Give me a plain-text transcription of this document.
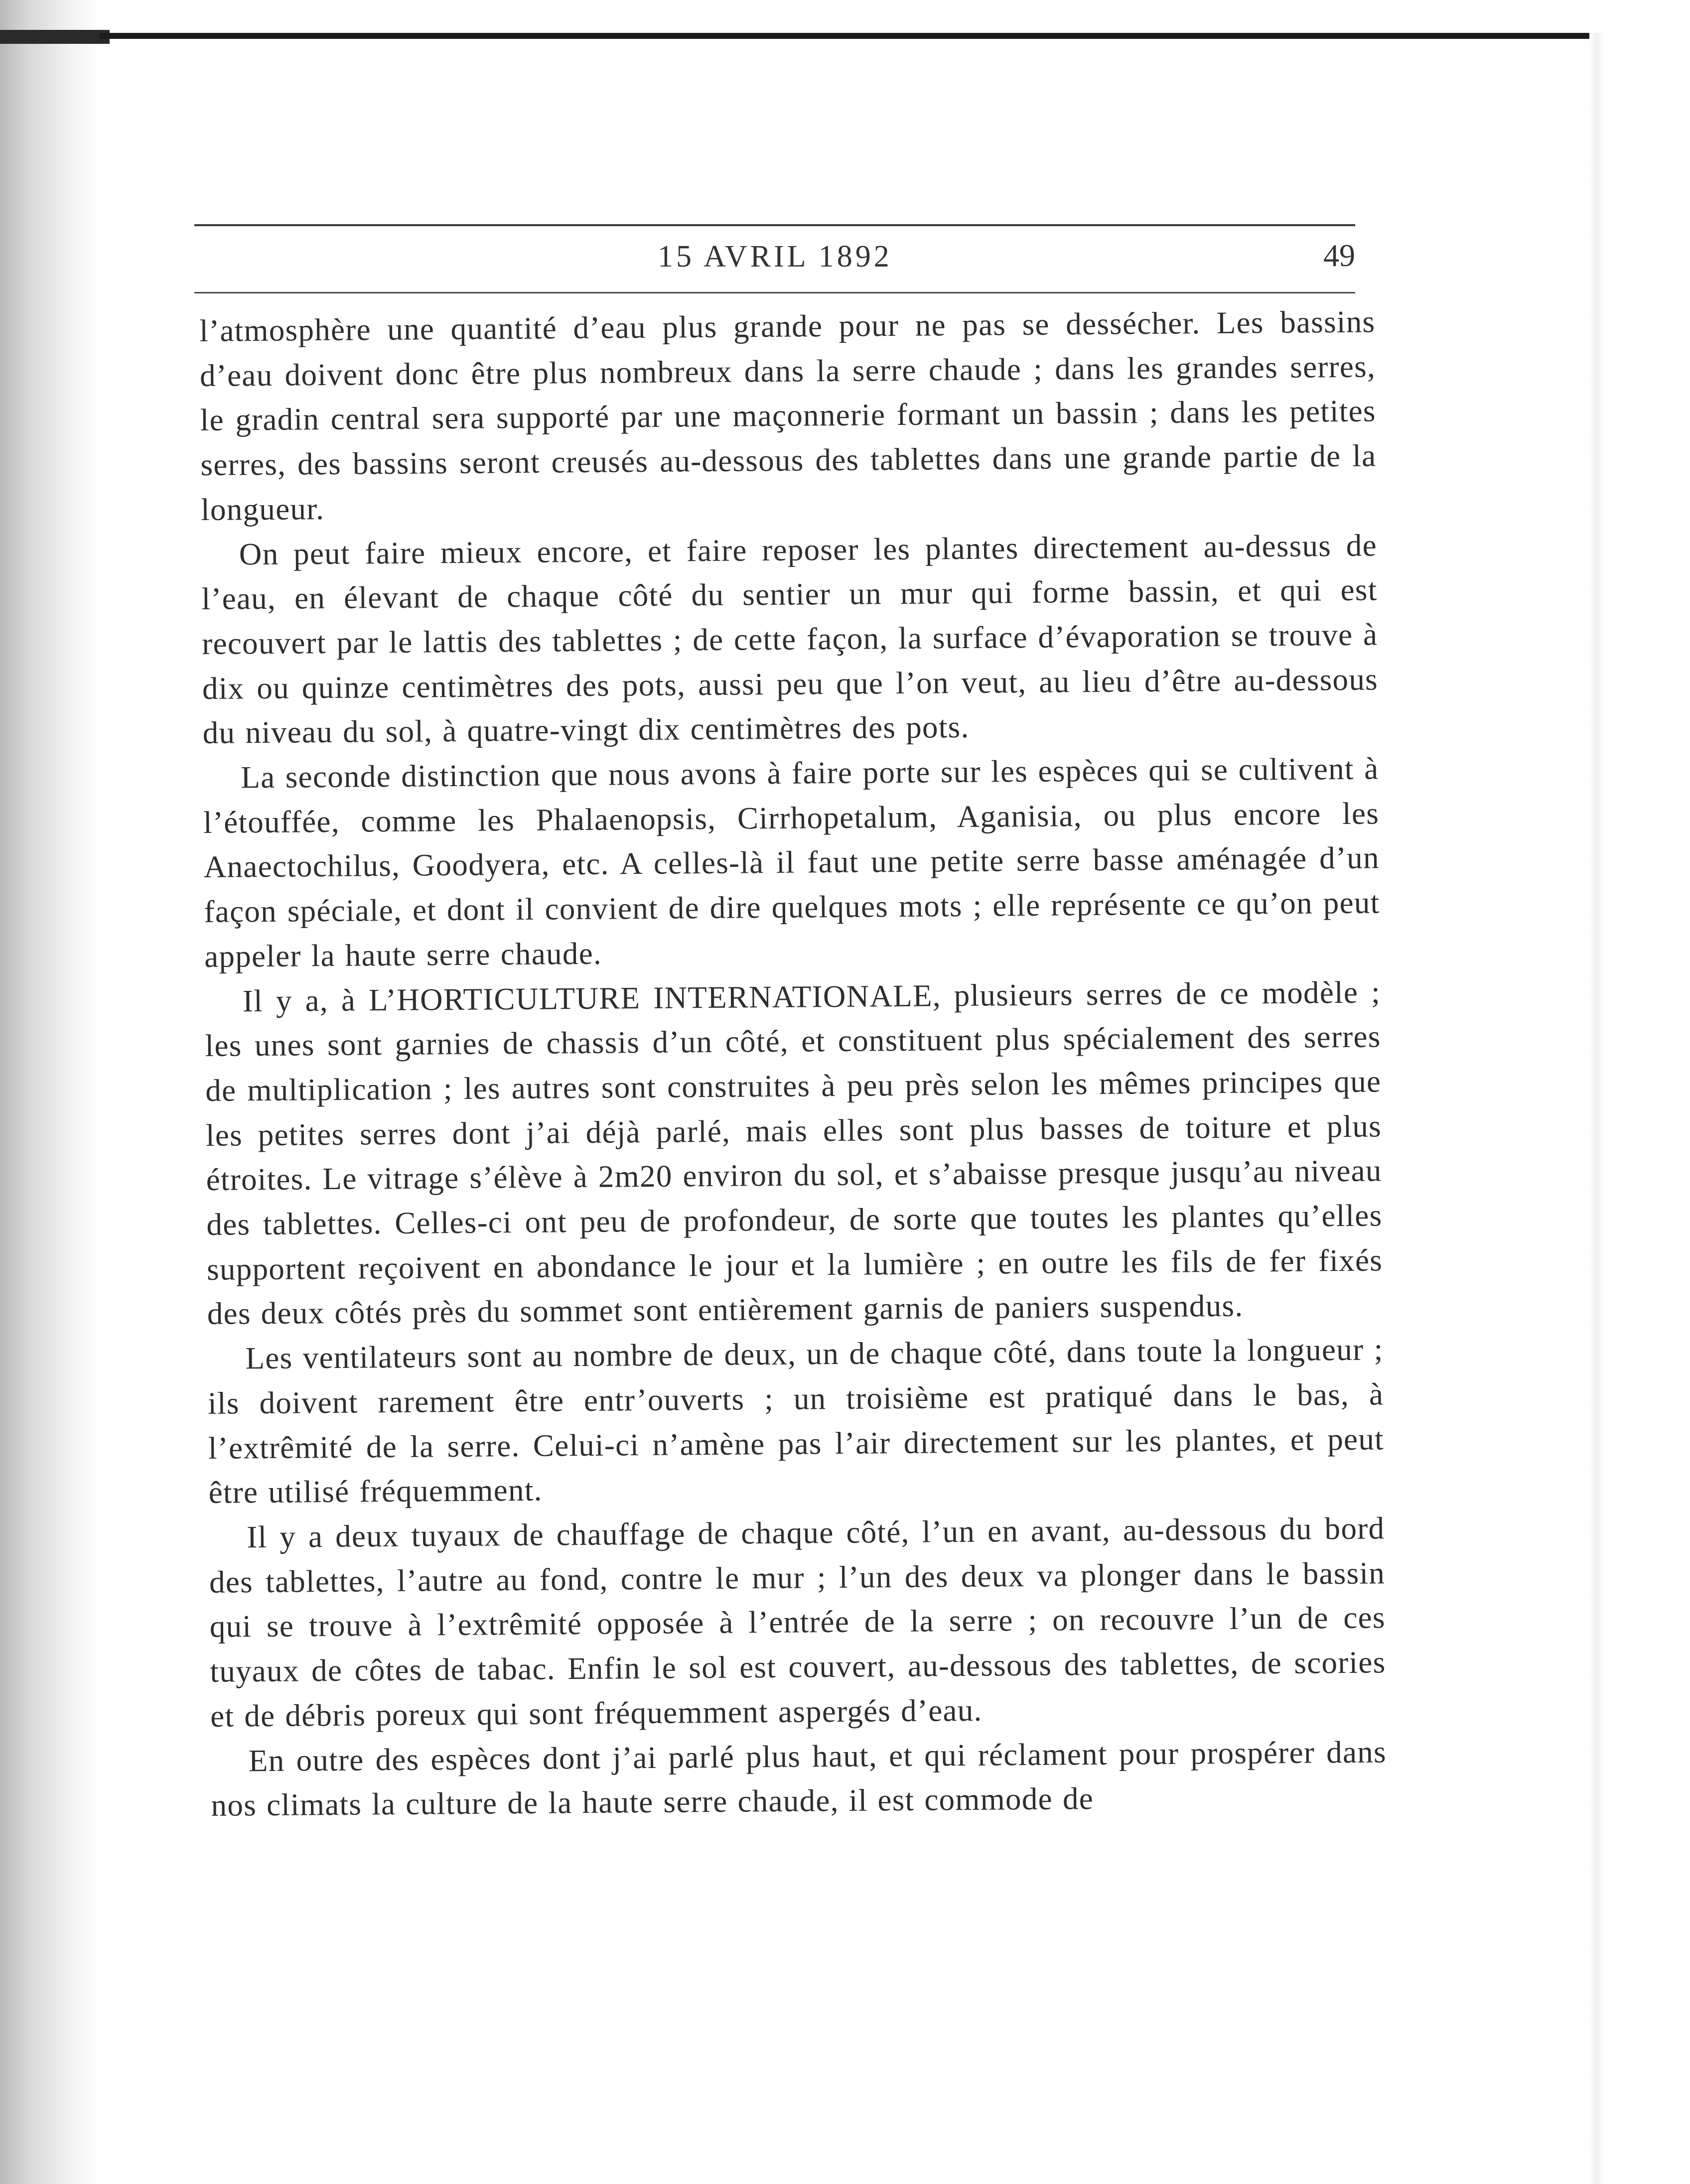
15 AVRIL 1892	49

l’atmosphère une quantité d’eau plus grande pour ne pas se dessécher. Les bassins d’eau doivent donc être plus nombreux dans la serre chaude ; dans les grandes serres, le gradin central sera supporté par une maçonnerie formant un bassin ; dans les petites serres, des bassins seront creusés au-dessous des tablettes dans une grande partie de la longueur.

On peut faire mieux encore, et faire reposer les plantes directement au-dessus de l’eau, en élevant de chaque côté du sentier un mur qui forme bassin, et qui est recouvert par le lattis des tablettes ; de cette façon, la surface d’évaporation se trouve à dix ou quinze centimètres des pots, aussi peu que l’on veut, au lieu d’être au-dessous du niveau du sol, à quatre-vingt dix centimètres des pots.

La seconde distinction que nous avons à faire porte sur les espèces qui se cultivent à l’étouffée, comme les Phalaenopsis, Cirrhopetalum, Aganisia, ou plus encore les Anaectochilus, Goodyera, etc. A celles-là il faut une petite serre basse aménagée d’un façon spéciale, et dont il convient de dire quelques mots ; elle représente ce qu’on peut appeler la haute serre chaude.

Il y a, à L’HORTICULTURE INTERNATIONALE, plusieurs serres de ce modèle ; les unes sont garnies de chassis d’un côté, et constituent plus spécialement des serres de multiplication ; les autres sont construites à peu près selon les mêmes principes que les petites serres dont j’ai déjà parlé, mais elles sont plus basses de toiture et plus étroites. Le vitrage s’élève à 2m20 environ du sol, et s’abaisse presque jusqu’au niveau des tablettes. Celles-ci ont peu de profondeur, de sorte que toutes les plantes qu’elles supportent reçoivent en abondance le jour et la lumière ; en outre les fils de fer fixés des deux côtés près du sommet sont entièrement garnis de paniers suspendus.

Les ventilateurs sont au nombre de deux, un de chaque côté, dans toute la longueur ; ils doivent rarement être entr’ouverts ; un troisième est pratiqué dans le bas, à l’extrêmité de la serre. Celui-ci n’amène pas l’air directement sur les plantes, et peut être utilisé fréquemment.

Il y a deux tuyaux de chauffage de chaque côté, l’un en avant, au-dessous du bord des tablettes, l’autre au fond, contre le mur ; l’un des deux va plonger dans le bassin qui se trouve à l’extrêmité opposée à l’entrée de la serre ; on recouvre l’un de ces tuyaux de côtes de tabac. Enfin le sol est couvert, au-dessous des tablettes, de scories et de débris poreux qui sont fréquemment aspergés d’eau.

En outre des espèces dont j’ai parlé plus haut, et qui réclament pour prospérer dans nos climats la culture de la haute serre chaude, il est commode de
